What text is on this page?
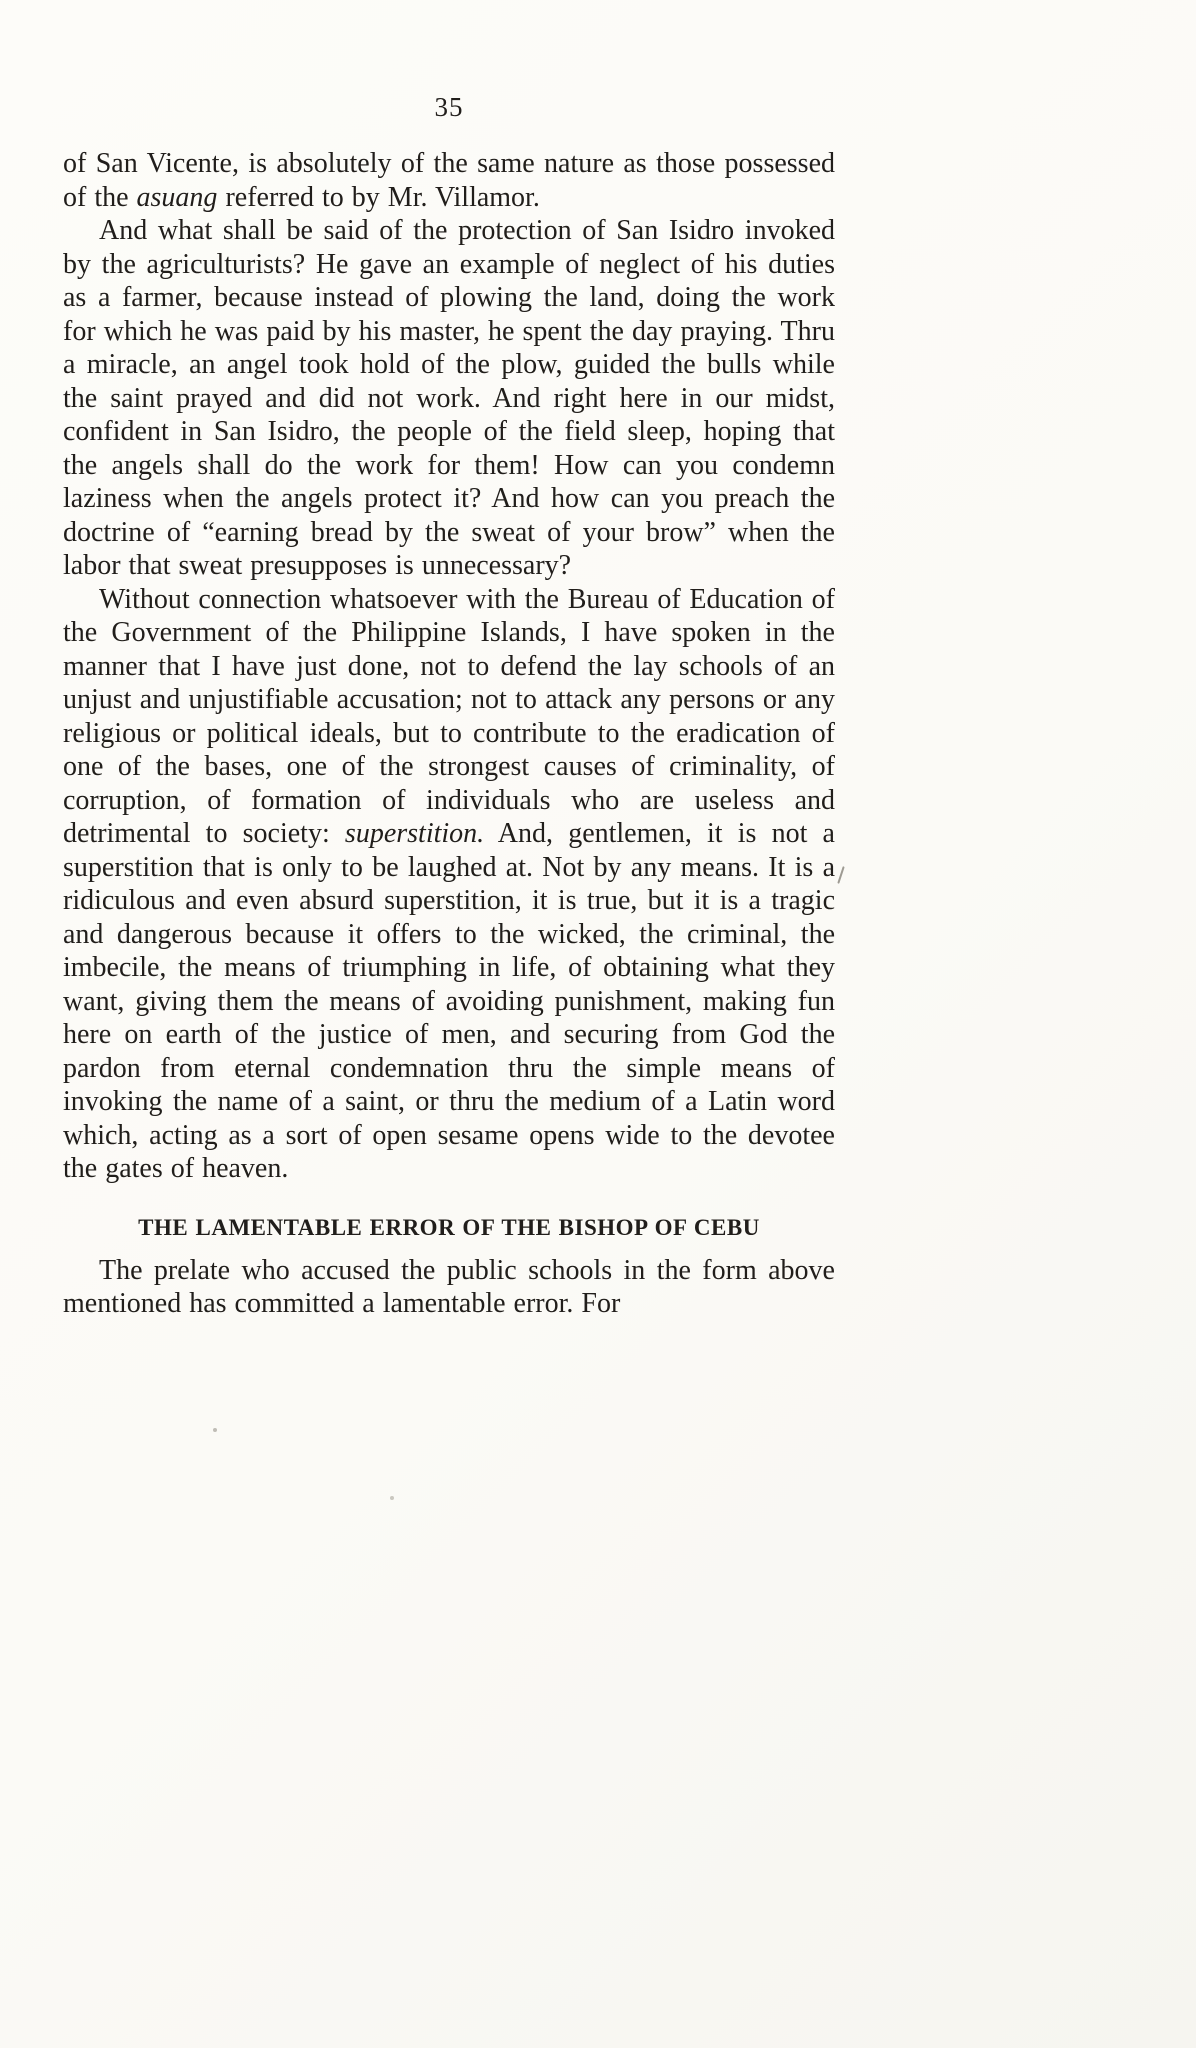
35

of San Vicente, is absolutely of the same nature as those possessed of the asuang referred to by Mr. Villamor.

And what shall be said of the protection of San Isidro invoked by the agriculturists? He gave an example of neglect of his duties as a farmer, because instead of plowing the land, doing the work for which he was paid by his master, he spent the day praying. Thru a miracle, an angel took hold of the plow, guided the bulls while the saint prayed and did not work. And right here in our midst, confident in San Isidro, the people of the field sleep, hoping that the angels shall do the work for them! How can you condemn laziness when the angels protect it? And how can you preach the doctrine of “earning bread by the sweat of your brow” when the labor that sweat presupposes is unnecessary?

Without connection whatsoever with the Bureau of Education of the Government of the Philippine Islands, I have spoken in the manner that I have just done, not to defend the lay schools of an unjust and unjustifiable accusation; not to attack any persons or any religious or political ideals, but to contribute to the eradication of one of the bases, one of the strongest causes of criminality, of corruption, of formation of individuals who are useless and detrimental to society: superstition. And, gentlemen, it is not a superstition that is only to be laughed at. Not by any means. It is a ridiculous and even absurd superstition, it is true, but it is a tragic and dangerous because it offers to the wicked, the criminal, the imbecile, the means of triumphing in life, of obtaining what they want, giving them the means of avoiding punishment, making fun here on earth of the justice of men, and securing from God the pardon from eternal condemnation thru the simple means of invoking the name of a saint, or thru the medium of a Latin word which, acting as a sort of open sesame opens wide to the devotee the gates of heaven.

THE LAMENTABLE ERROR OF THE BISHOP OF CEBU

The prelate who accused the public schools in the form above mentioned has committed a lamentable error. For
